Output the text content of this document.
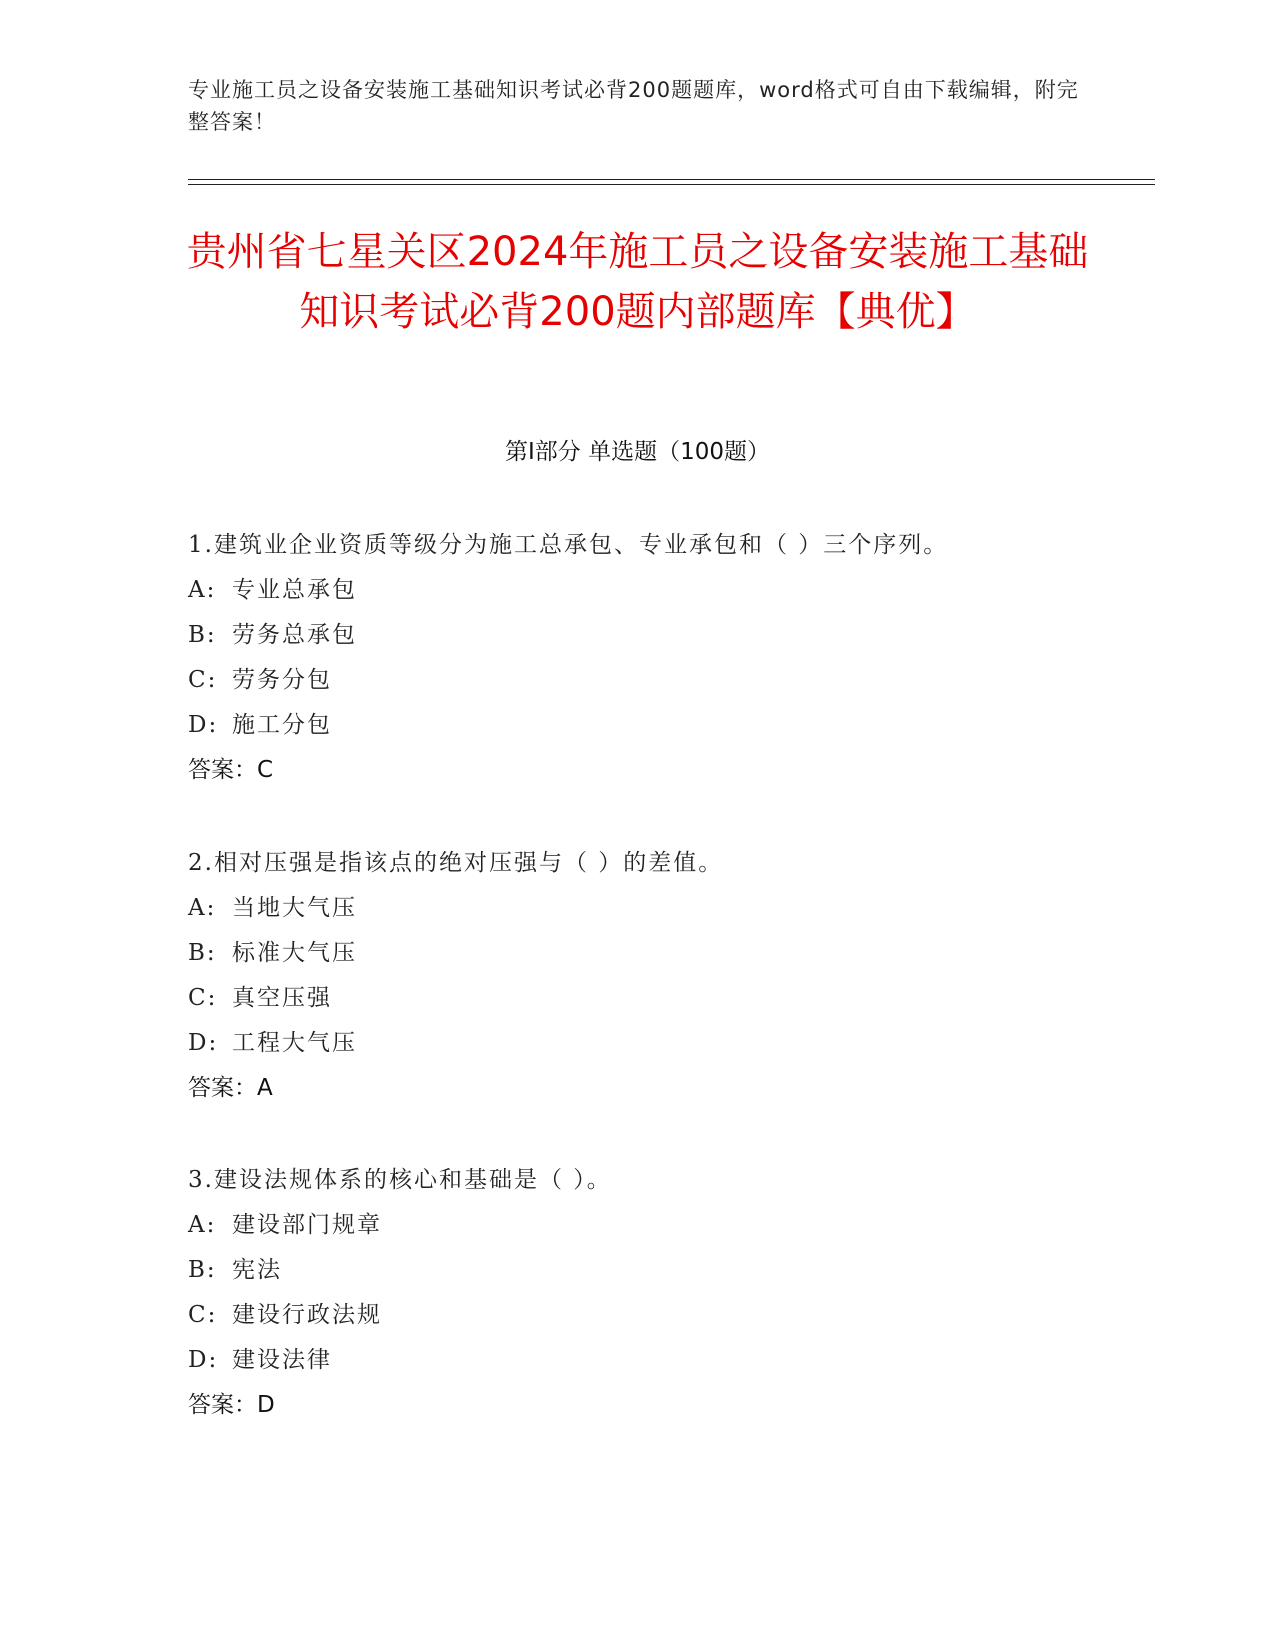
专业施工员之设备安装施工基础知识考试必背200题题库，word格式可自由下载编辑，附完整答案！
贵州省七星关区2024年施工员之设备安装施工基础知识考试必背200题内部题库【典优】
第Ⅰ部分 单选题（100题）
1.建筑业企业资质等级分为施工总承包、专业承包和（ ）三个序列。
A: 专业总承包
B: 劳务总承包
C: 劳务分包
D: 施工分包
答案： C
2.相对压强是指该点的绝对压强与（ ）的差值。
A: 当地大气压
B: 标准大气压
C: 真空压强
D: 工程大气压
答案： A
3.建设法规体系的核心和基础是（ ）。
A: 建设部门规章
B: 宪法
C: 建设行政法规
D: 建设法律
答案： D
